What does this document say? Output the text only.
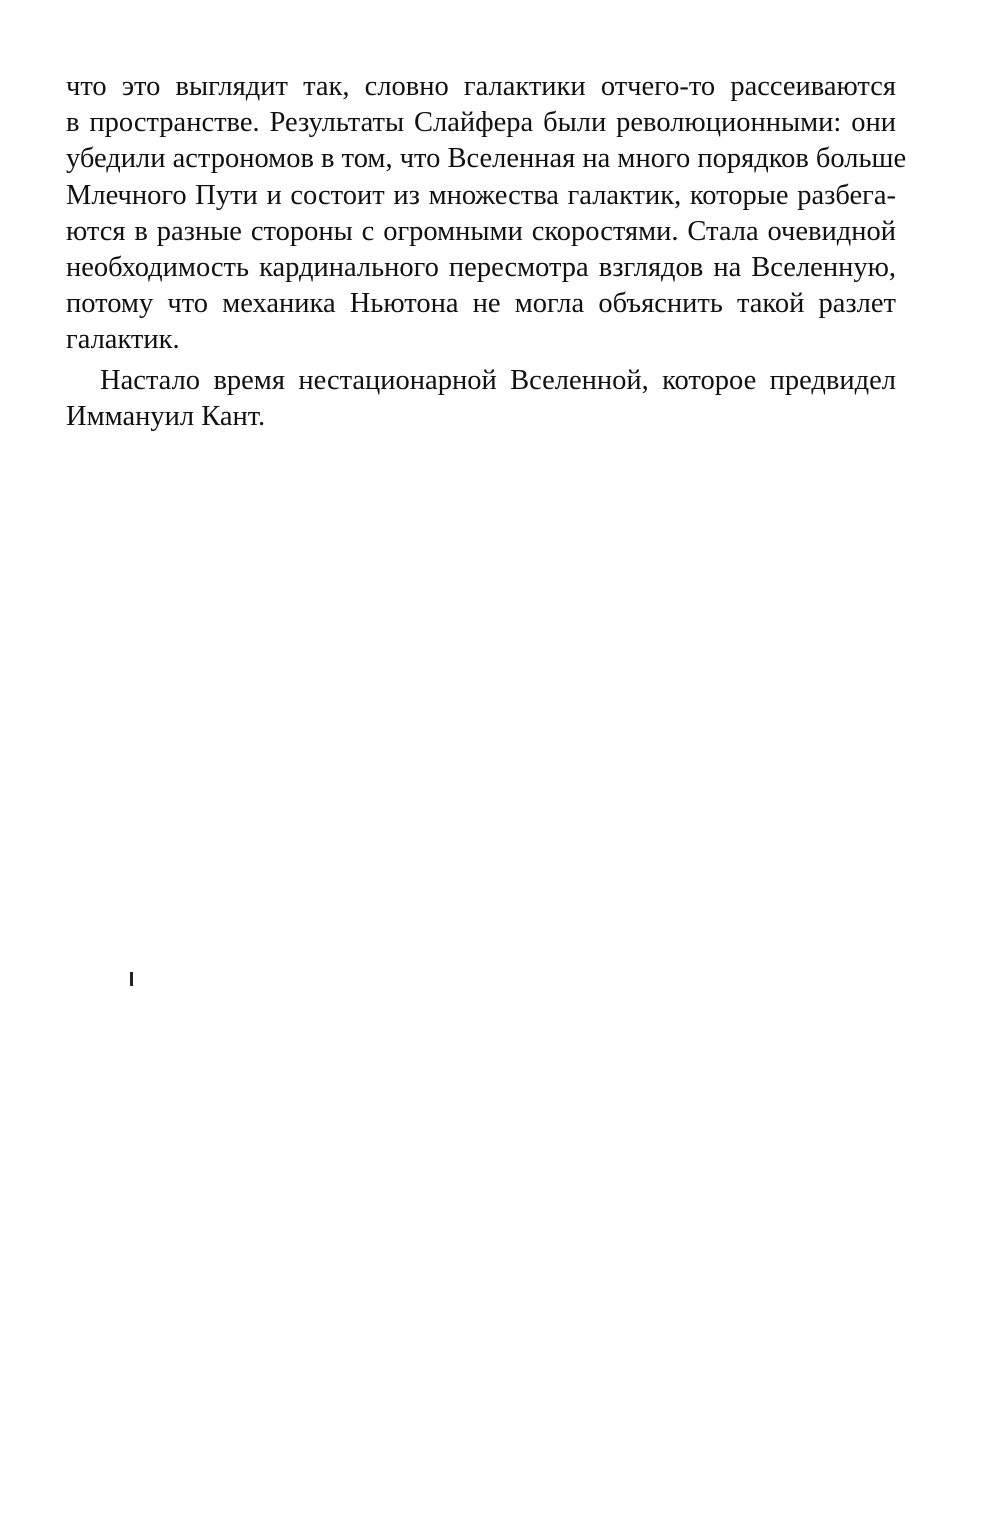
что это выглядит так, словно галактики отчего-то рассеиваются
в пространстве. Результаты Слайфера были революционными: они
убедили астрономов в том, что Вселенная на много порядков больше
Млечного Пути и состоит из множества галактик, которые разбега-
ются в разные стороны с огромными скоростями. Стала очевидной
необходимость кардинального пересмотра взглядов на Вселенную,
потому что механика Ньютона не могла объяснить такой разлет
галактик.
Настало время нестационарной Вселенной, которое предвидел
Иммануил Кант.
